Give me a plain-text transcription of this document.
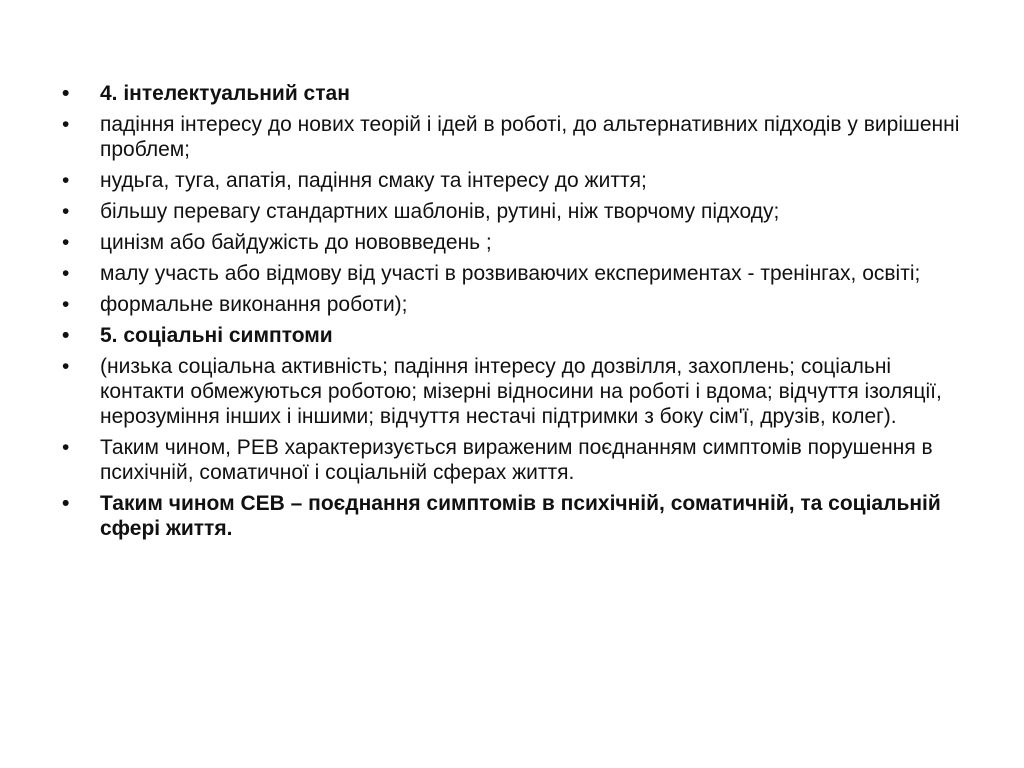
•	4. інтелектуальний стан
•	падіння інтересу до нових теорій і ідей в роботі, до альтернативних підходів у вирішенні проблем;
•	нудьга, туга, апатія, падіння смаку та інтересу до життя;
•	більшу перевагу стандартних шаблонів, рутині, ніж творчому підходу;
•	цинізм або байдужість до нововведень ;
•	малу участь або відмову від участі в розвиваючих експериментах - тренінгах, освіті;
•	формальне виконання роботи);
•	5. соціальні симптоми
•	(низька соціальна активність; падіння інтересу до дозвілля, захоплень; соціальні контакти обмежуються роботою; мізерні відносини на роботі і вдома; відчуття ізоляції, нерозуміння інших і іншими; відчуття нестачі підтримки з боку сім'ї, друзів, колег).
•	Таким чином, РЕВ характеризується вираженим поєднанням симптомів порушення в психічній, соматичної і соціальній сферах життя.
•	Таким чином СЕВ – поєднання симптомів в психічній, соматичній, та соціальній сфері життя.
